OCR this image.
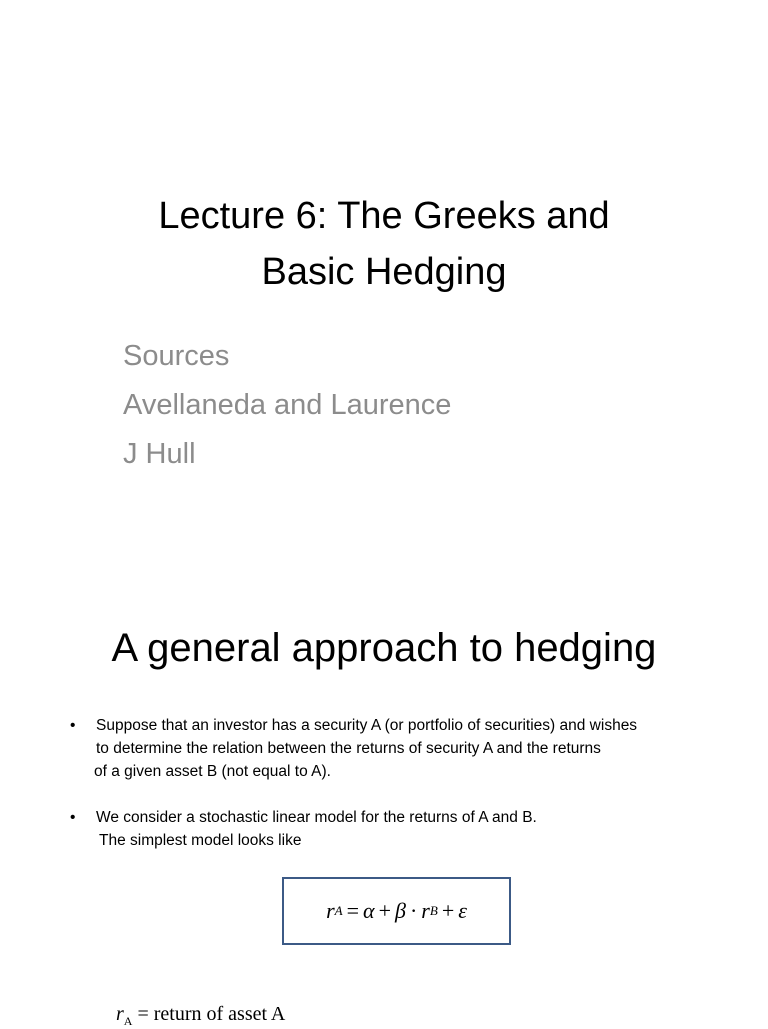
Lecture 6: The Greeks and
Basic Hedging
Sources
Avellaneda and Laurence
J Hull
A general approach to hedging
• Suppose that an investor has a security A (or portfolio of securities) and wishes
to determine the relation between the returns of security A and the returns
of a given asset B (not equal to A).
• We consider a stochastic linear model for the returns of A and B.
The simplest model looks like
r A = α + β · r B + ε
$r_A$ = return of asset A
